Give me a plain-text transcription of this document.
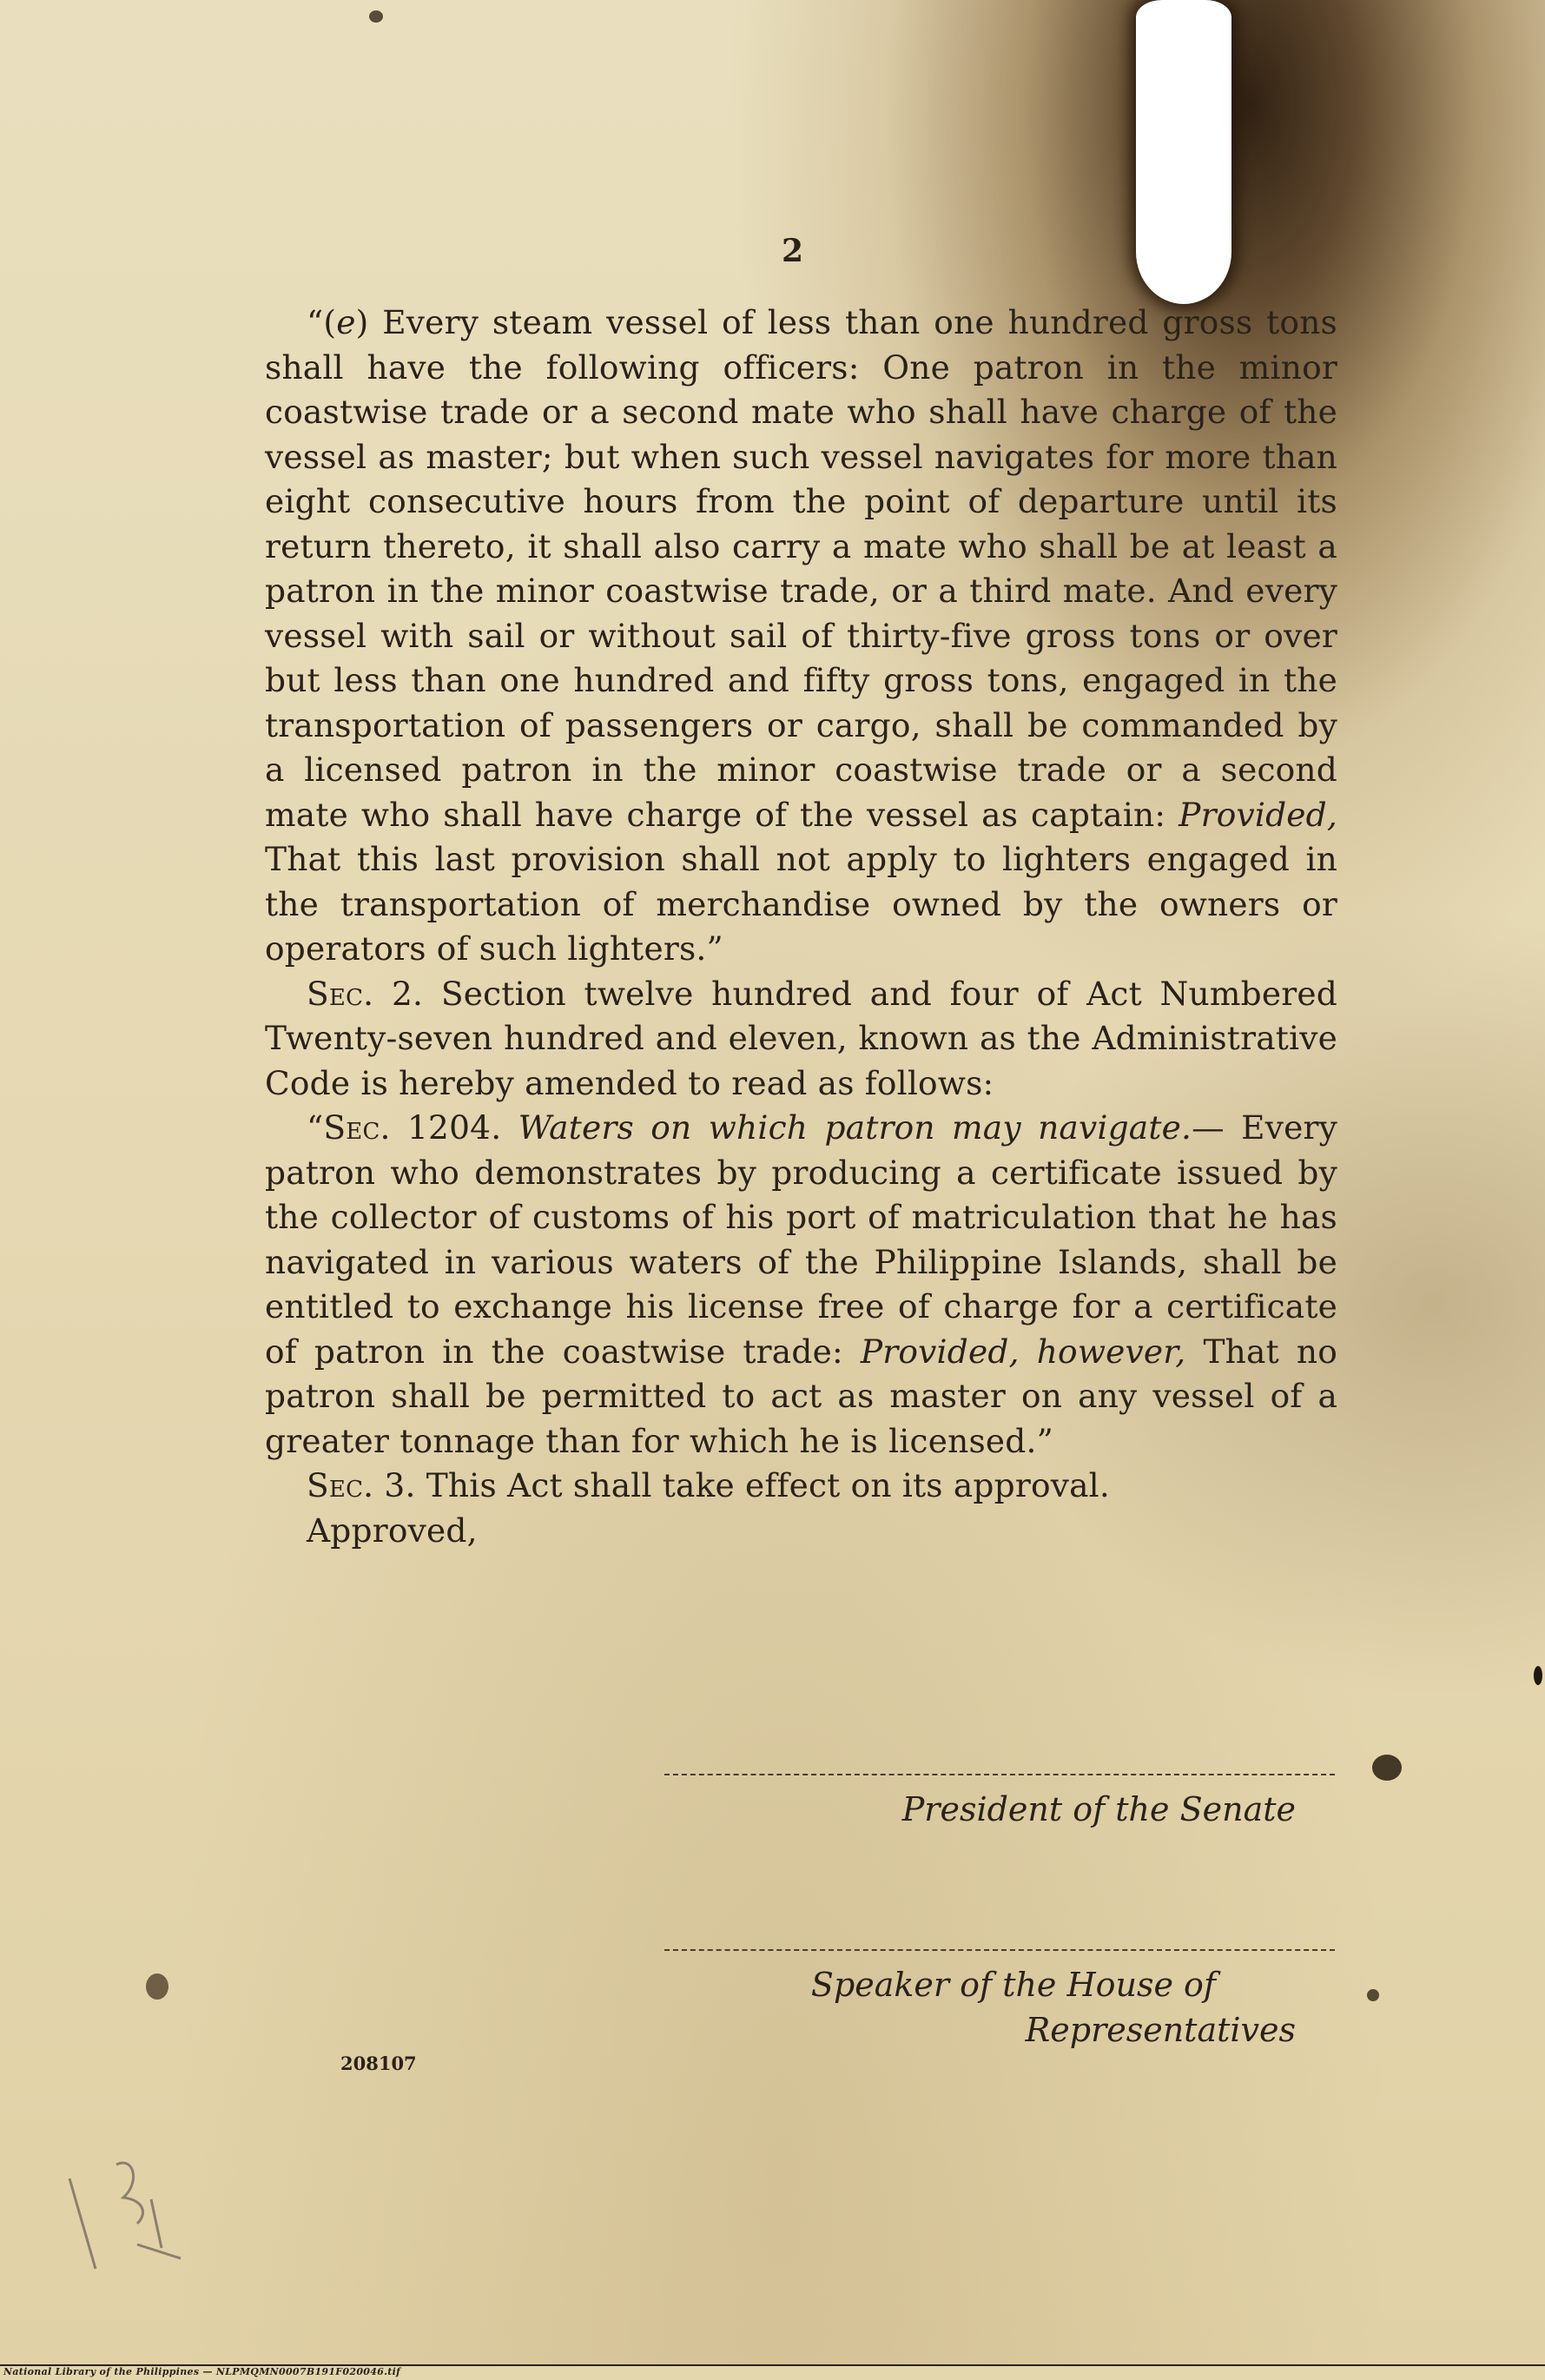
2

“(e) Every steam vessel of less than one hundred gross tons shall have the following officers: One patron in the minor coastwise trade or a second mate who shall have charge of the vessel as master; but when such vessel navigates for more than eight consecutive hours from the point of departure until its return thereto, it shall also carry a mate who shall be at least a patron in the minor coastwise trade, or a third mate. And every vessel with sail or without sail of thirty-five gross tons or over but less than one hundred and fifty gross tons, engaged in the transportation of passengers or cargo, shall be commanded by a licensed patron in the minor coastwise trade or a second mate who shall have charge of the vessel as captain: Provided, That this last provision shall not apply to lighters engaged in the transportation of merchandise owned by the owners or operators of such lighters.”

Sec. 2. Section twelve hundred and four of Act Numbered Twenty-seven hundred and eleven, known as the Administrative Code is hereby amended to read as follows:

“Sec. 1204. Waters on which patron may navigate.— Every patron who demonstrates by producing a certificate issued by the collector of customs of his port of matriculation that he has navigated in various waters of the Philippine Islands, shall be entitled to exchange his license free of charge for a certificate of patron in the coastwise trade: Provided, however, That no patron shall be permitted to act as master on any vessel of a greater tonnage than for which he is licensed.”

Sec. 3. This Act shall take effect on its approval.

Approved,

President of the Senate
Speaker of the House of
Representatives
208107
National Library of the Philippines — NLPMQMN0007B191F020046.tif
